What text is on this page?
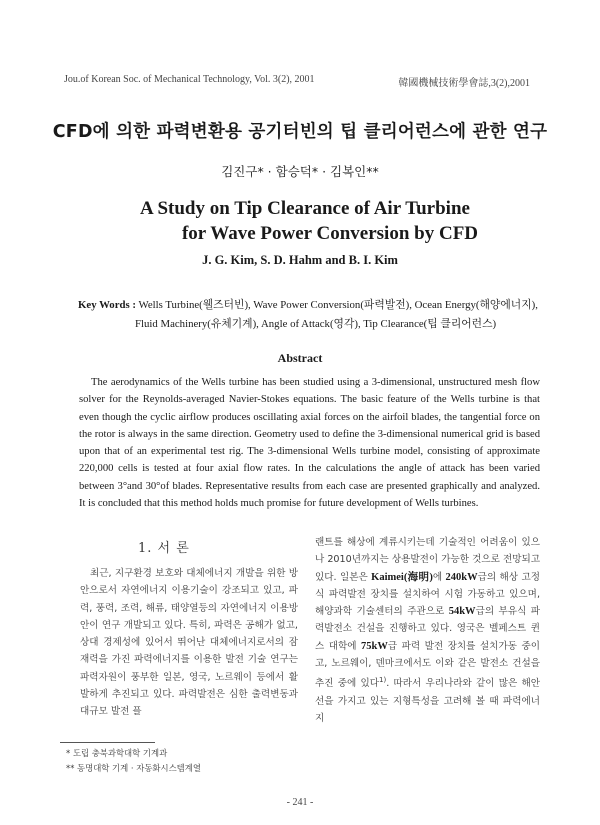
Jou.of Korean Soc. of Mechanical Technology, Vol. 3(2), 2001	韓國機械技術學會誌,3(2),2001
CFD에 의한 파력변환용 공기터빈의 팁 클리어런스에 관한 연구
김진구* · 함승덕* · 김복인**
A Study on Tip Clearance of Air Turbine
for Wave Power Conversion by CFD
J. G. Kim, S. D. Hahm and B. I. Kim
Key Words : Wells Turbine(웰즈터빈), Wave Power Conversion(파력발전), Ocean Energy(해양에너지),
Fluid Machinery(유체기계), Angle of Attack(영각), Tip Clearance(팁 클리어런스)
Abstract
The aerodynamics of the Wells turbine has been studied using a 3-dimensional, unstructured mesh flow solver for the Reynolds-averaged Navier-Stokes equations. The basic feature of the Wells turbine is that even though the cyclic airflow produces oscillating axial forces on the airfoil blades, the tangential force on the rotor is always in the same direction. Geometry used to define the 3-dimensional numerical grid is based upon that of an experimental test rig. The 3-dimensional Wells turbine model, consisting of approximate 220,000 cells is tested at four axial flow rates. In the calculations the angle of attack has been varied between 3°and 30°of blades. Representative results from each case are presented graphically and analyzed. It is concluded that this method holds much promise for future development of Wells turbines.
1. 서 론

최근, 지구환경 보호와 대체에너지 개발을 위한 방안으로서 자연에너지 이용기술이 강조되고 있고, 파력, 풍력, 조력, 해류, 태양열등의 자연에너지 이용방안이 연구 개발되고 있다. 특히, 파력은 공해가 없고, 상대 경제성에 있어서 뛰어난 대체에너지로서의 잠재력을 가진 파력에너지를 이용한 발전 기술 연구는 파력자원이 풍부한 일본, 영국, 노르웨이 등에서 활발하게 추진되고 있다. 파력발전은 심한 출력변동과 대규모 발전 플

랜트를 해상에 계류시키는데 기술적인 어려움이 있으나 2010년까지는 상용발전이 가능한 것으로 전망되고 있다. 일본은 Kaimei(海明)에 240kW급의 해상 고정식 파력발전 장치를 설치하여 시험 가동하고 있으며, 해양과학 기술센터의 주관으로 54kW급의 부유식 파력발전소 건설을 진행하고 있다. 영국은 벨페스트 퀸스 대학에 75kW급 파력 발전 장치를 설치가동 중이고, 노르웨이, 덴마크에서도 이와 같은 발전소 건설을 추진 중에 있다$^{1)}$. 따라서 우리나라와 같이 많은 해안선을 가지고 있는 지형특성을 고려해 볼 때 파력에너지

* 도립 충북과학대학 기계과
** 동명대학 기계 · 자동화시스템계열
- 241 -
